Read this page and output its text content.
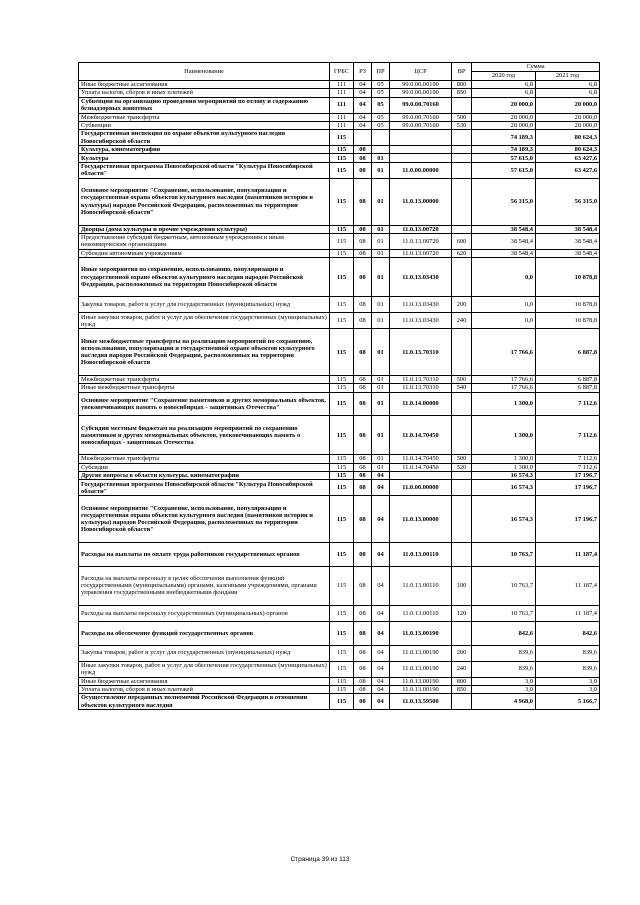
Наименование	ГРБС	РЗ	ПР	ЦСР	ВР	Сумма	
						2020 год	2021 год
Иные бюджетные ассигнования	111	04	05	99.0.00.00190	800	6,8	6,8
Уплата налогов, сборов и иных платежей	111	04	05	99.0.00.00190	850	6,8	6,8
Субвенции на организацию проведения мероприятий по отлову и содержанию безнадзорных животных	111	04	05	99.0.00.70160		20 000,0	20 000,0
Межбюджетные трансферты	111	04	05	99.0.00.70160	500	20 000,0	20 000,0
Субвенции	111	04	05	99.0.00.70160	530	20 000,0	20 000,0
Государственная инспекция по охране объектов культурного наследия Новосибирской области	115					74 189,3	80 624,3
Культура, кинематография	115	08				74 189,3	80 624,3
Культура	115	08	01			57 615,0	63 427,6
Государственная программа Новосибирской области "Культура Новосибирской области"	115	08	01	11.0.00.00000		57 615,0	63 427,6
Основное мероприятие "Сохранение, использование, популяризация и государственная охрана объектов культурного наследия (памятников истории и культуры) народов Российской Федерации, расположенных на территории Новосибирской области"	115	08	01	11.0.13.00000		56 315,0	56 315,0
Дворцы (дома культуры и прочие учреждения культуры)	115	08	01	11.0.13.00720		38 548,4	38 548,4
Предоставление субсидий бюджетным, автономным учреждениям и иным некоммерческим организациям	115	08	01	11.0.13.00720	600	38 548,4	38 548,4
Субсидии автономным учреждениям	115	08	01	11.0.13.00720	620	38 548,4	38 548,4
Иные мероприятия по сохранению, использованию, популяризации и государственной охране объектов культурного наследия народов Российской Федерации, расположенных на территории Новосибирской области	115	08	01	11.0.13.03430		0,0	10 878,8
Закупка товаров, работ и услуг для государственных (муниципальных) нужд	115	08	01	11.0.13.03430	200	0,0	10 878,8
Иные закупки товаров, работ и услуг для обеспечения государственных (муниципальных) нужд	115	08	01	11.0.13.03430	240	0,0	10 878,8
Иные межбюджетные трансферты на реализацию мероприятий по сохранению, использованию, популяризации и государственной охране объектов культурного наследия народов Российской Федерации, расположенных на территории Новосибирской области	115	08	01	11.0.13.70310		17 766,6	6 887,8
Межбюджетные трансферты	115	08	01	11.0.13.70310	500	17 766,6	6 887,8
Иные межбюджетные трансферты	115	08	01	11.0.13.70310	540	17 766,6	6 887,8
Основное мероприятие "Сохранение памятников и других мемориальных объектов, увековечивающих память о новосибирцах - защитниках Отечества"	115	08	01	11.0.14.00000		1 300,0	7 112,6
Субсидии местным бюджетам на реализацию мероприятий по сохранению памятников и других мемориальных объектов, увековечивающих память о новосибирцах - защитниках Отечества	115	08	01	11.0.14.70450		1 300,0	7 112,6
Межбюджетные трансферты	115	08	01	11.0.14.70450	500	1 300,0	7 112,6
Субсидии	115	08	01	11.0.14.70450	520	1 300,0	7 112,6
Другие вопросы в области культуры, кинематографии	115	08	04			16 574,3	17 196,7
Государственная программа Новосибирской области "Культура Новосибирской области"	115	08	04	11.0.00.00000		16 574,3	17 196,7
Основное мероприятие "Сохранение, использование, популяризация и государственная охрана объектов культурного наследия (памятников истории и культуры) народов Российской Федерации, расположенных на территории Новосибирской области"	115	08	04	11.0.13.00000		16 574,3	17 196,7
Расходы на выплаты по оплате труда работников государственных органов	115	08	04	11.0.13.00110		10 763,7	11 187,4
Расходы на выплаты персоналу в целях обеспечения выполнения функций государственными (муниципальными) органами, казенными учреждениями, органами управления государственными внебюджетными фондами	115	08	04	11.0.13.00110	100	10 763,7	11 187,4
Расходы на выплаты персоналу государственных (муниципальных) органов	115	08	04	11.0.13.00110	120	10 763,7	11 187,4
Расходы на обеспечение функций государственных органов	115	08	04	11.0.13.00190		842,6	842,6
Закупка товаров, работ и услуг для государственных (муниципальных) нужд	115	08	04	11.0.13.00190	200	839,6	839,6
Иные закупки товаров, работ и услуг для обеспечения государственных (муниципальных) нужд	115	08	04	11.0.13.00190	240	839,6	839,6
Иные бюджетные ассигнования	115	08	04	11.0.13.00190	800	3,0	3,0
Уплата налогов, сборов и иных платежей	115	08	04	11.0.13.00190	850	3,0	3,0
Осуществление переданных полномочий Российской Федерации в отношении объектов культурного наследия	115	08	04	11.0.13.59500		4 968,0	5 166,7
Страница 39 из 113
